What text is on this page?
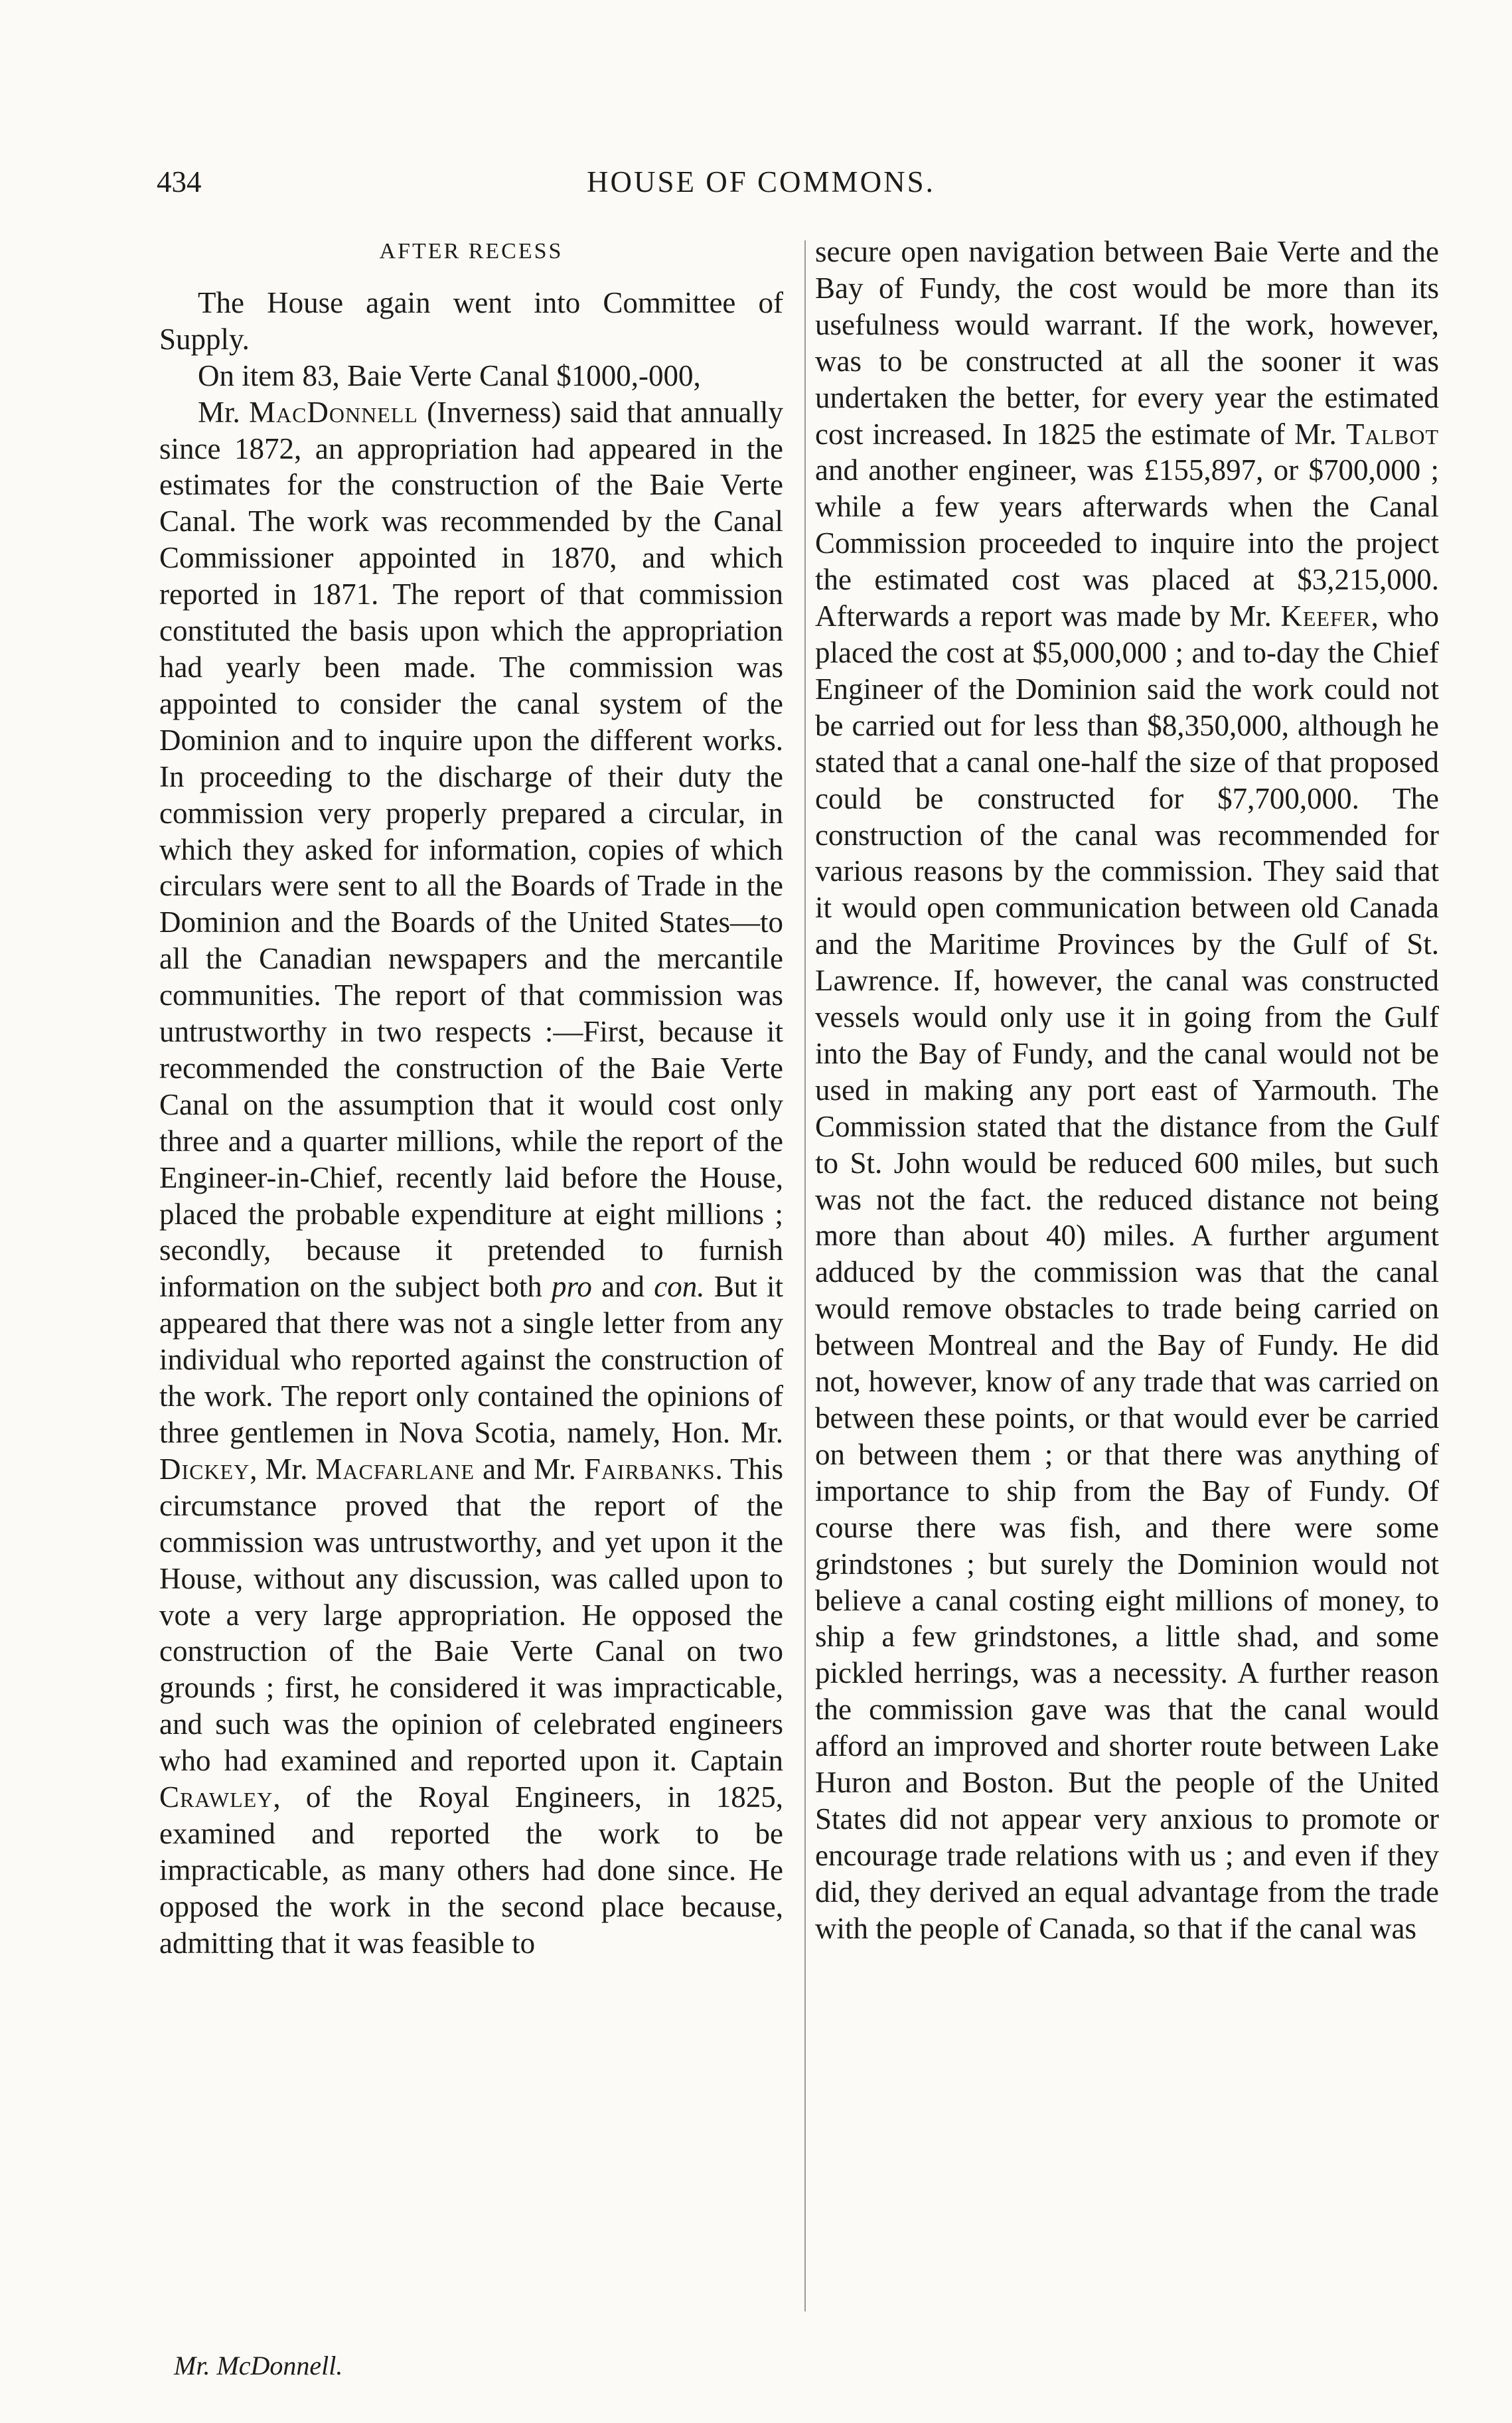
434	HOUSE OF COMMONS.

AFTER RECESS

The House again went into Committee of Supply.

On item 83, Baie Verte Canal $1000,-000,

Mr. MacDonnell (Inverness) said that annually since 1872, an appropriation had appeared in the estimates for the construction of the Baie Verte Canal. The work was recommended by the Canal Commissioner appointed in 1870, and which reported in 1871. The report of that commission constituted the basis upon which the appropriation had yearly been made. The commission was appointed to consider the canal system of the Dominion and to inquire upon the different works. In proceeding to the discharge of their duty the commission very properly prepared a circular, in which they asked for information, copies of which circulars were sent to all the Boards of Trade in the Dominion and the Boards of the United States—to all the Canadian newspapers and the mercantile communities. The report of that commission was untrustworthy in two respects :—First, because it recommended the construction of the Baie Verte Canal on the assumption that it would cost only three and a quarter millions, while the report of the Engineer-in-Chief, recently laid before the House, placed the probable expenditure at eight millions ; secondly, because it pretended to furnish information on the subject both pro and con. But it appeared that there was not a single letter from any individual who reported against the construction of the work. The report only contained the opinions of three gentlemen in Nova Scotia, namely, Hon. Mr. Dickey, Mr. Macfarlane and Mr. Fairbanks. This circumstance proved that the report of the commission was untrustworthy, and yet upon it the House, without any discussion, was called upon to vote a very large appropriation. He opposed the construction of the Baie Verte Canal on two grounds ; first, he considered it was impracticable, and such was the opinion of celebrated engineers who had examined and reported upon it. Captain Crawley, of the Royal Engineers, in 1825, examined and reported the work to be impracticable, as many others had done since. He opposed the work in the second place because, admitting that it was feasible to

secure open navigation between Baie Verte and the Bay of Fundy, the cost would be more than its usefulness would warrant. If the work, however, was to be constructed at all the sooner it was undertaken the better, for every year the estimated cost increased. In 1825 the estimate of Mr. Talbot and another engineer, was £155,897, or $700,000 ; while a few years afterwards when the Canal Commission proceeded to inquire into the project the estimated cost was placed at $3,215,000. Afterwards a report was made by Mr. Keefer, who placed the cost at $5,000,000 ; and to-day the Chief Engineer of the Dominion said the work could not be carried out for less than $8,350,000, although he stated that a canal one-half the size of that proposed could be constructed for $7,700,000. The construction of the canal was recommended for various reasons by the commission. They said that it would open communication between old Canada and the Maritime Provinces by the Gulf of St. Lawrence. If, however, the canal was constructed vessels would only use it in going from the Gulf into the Bay of Fundy, and the canal would not be used in making any port east of Yarmouth. The Commission stated that the distance from the Gulf to St. John would be reduced 600 miles, but such was not the fact. the reduced distance not being more than about 40) miles. A further argument adduced by the commission was that the canal would remove obstacles to trade being carried on between Montreal and the Bay of Fundy. He did not, however, know of any trade that was carried on between these points, or that would ever be carried on between them ; or that there was anything of importance to ship from the Bay of Fundy. Of course there was fish, and there were some grindstones ; but surely the Dominion would not believe a canal costing eight millions of money, to ship a few grindstones, a little shad, and some pickled herrings, was a necessity. A further reason the commission gave was that the canal would afford an improved and shorter route between Lake Huron and Boston. But the people of the United States did not appear very anxious to promote or encourage trade relations with us ; and even if they did, they derived an equal advantage from the trade with the people of Canada, so that if the canal was

Mr. McDonnell.
